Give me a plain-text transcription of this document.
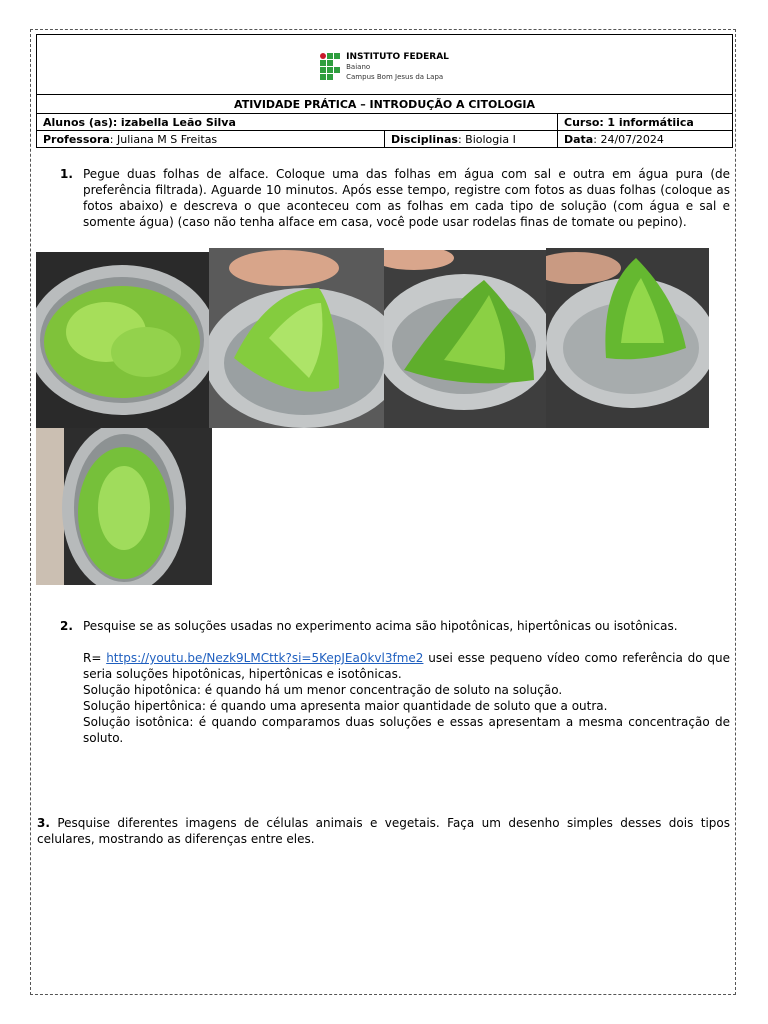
INSTITUTO FEDERAL
Baiano
Campus Bom Jesus da Lapa		

ATIVIDADE PRÁTICA – INTRODUÇÃO A CITOLOGIA		
Alunos (as): izabella Leão Silva		Curso: 1 informátiica
Professora: Juliana M S Freitas	Disciplinas: Biologia I	Data: 24/07/2024
1. Pegue duas folhas de alface. Coloque uma das folhas em água com sal e outra em água pura (de preferência filtrada). Aguarde 10 minutos. Após esse tempo, registre com fotos as duas folhas (coloque as fotos abaixo) e descreva o que aconteceu com as folhas em cada tipo de solução (com água e sal e somente água) (caso não tenha alface em casa, você pode usar rodelas finas de tomate ou pepino).
2. Pesquise se as soluções usadas no experimento acima são hipotônicas, hipertônicas ou isotônicas.
R= https://youtu.be/Nezk9LMCttk?si=5KepJEa0kvl3fme2 usei esse pequeno vídeo como referência do que seria soluções hipotônicas, hipertônicas e isotônicas.
Solução hipotônica: é quando há um menor concentração de soluto na solução.
Solução hipertônica: é quando uma apresenta maior quantidade de soluto que a outra.
Solução isotônica: é quando comparamos duas soluções e essas apresentam a mesma concentração de soluto.
3. Pesquise diferentes imagens de células animais e vegetais. Faça um desenho simples desses dois tipos celulares, mostrando as diferenças entre eles.
